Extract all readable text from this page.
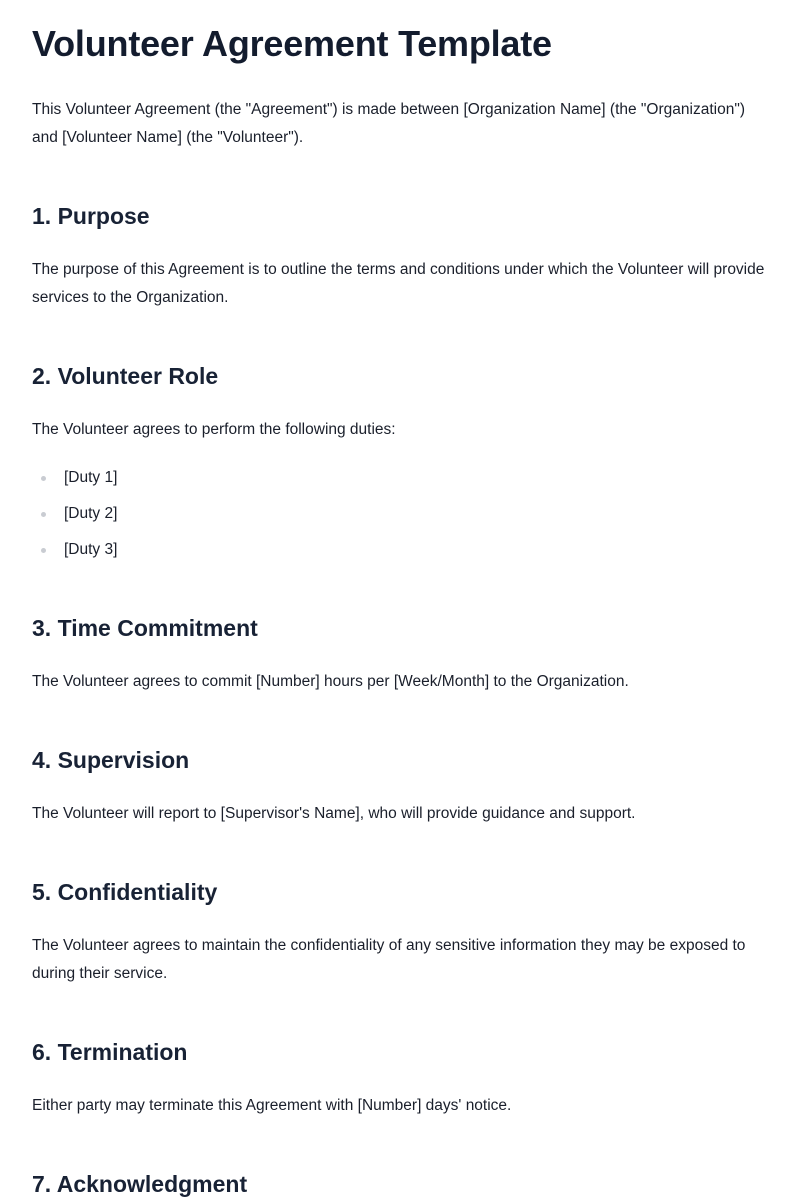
Volunteer Agreement Template

This Volunteer Agreement (the "Agreement") is made between [Organization Name] (the "Organization") and [Volunteer Name] (the "Volunteer").

1. Purpose

The purpose of this Agreement is to outline the terms and conditions under which the Volunteer will provide services to the Organization.

2. Volunteer Role

The Volunteer agrees to perform the following duties:

[Duty 1]
[Duty 2]
[Duty 3]
3. Time Commitment

The Volunteer agrees to commit [Number] hours per [Week/Month] to the Organization.

4. Supervision

The Volunteer will report to [Supervisor's Name], who will provide guidance and support.

5. Confidentiality

The Volunteer agrees to maintain the confidentiality of any sensitive information they may be exposed to during their service.

6. Termination

Either party may terminate this Agreement with [Number] days' notice.

7. Acknowledgment
